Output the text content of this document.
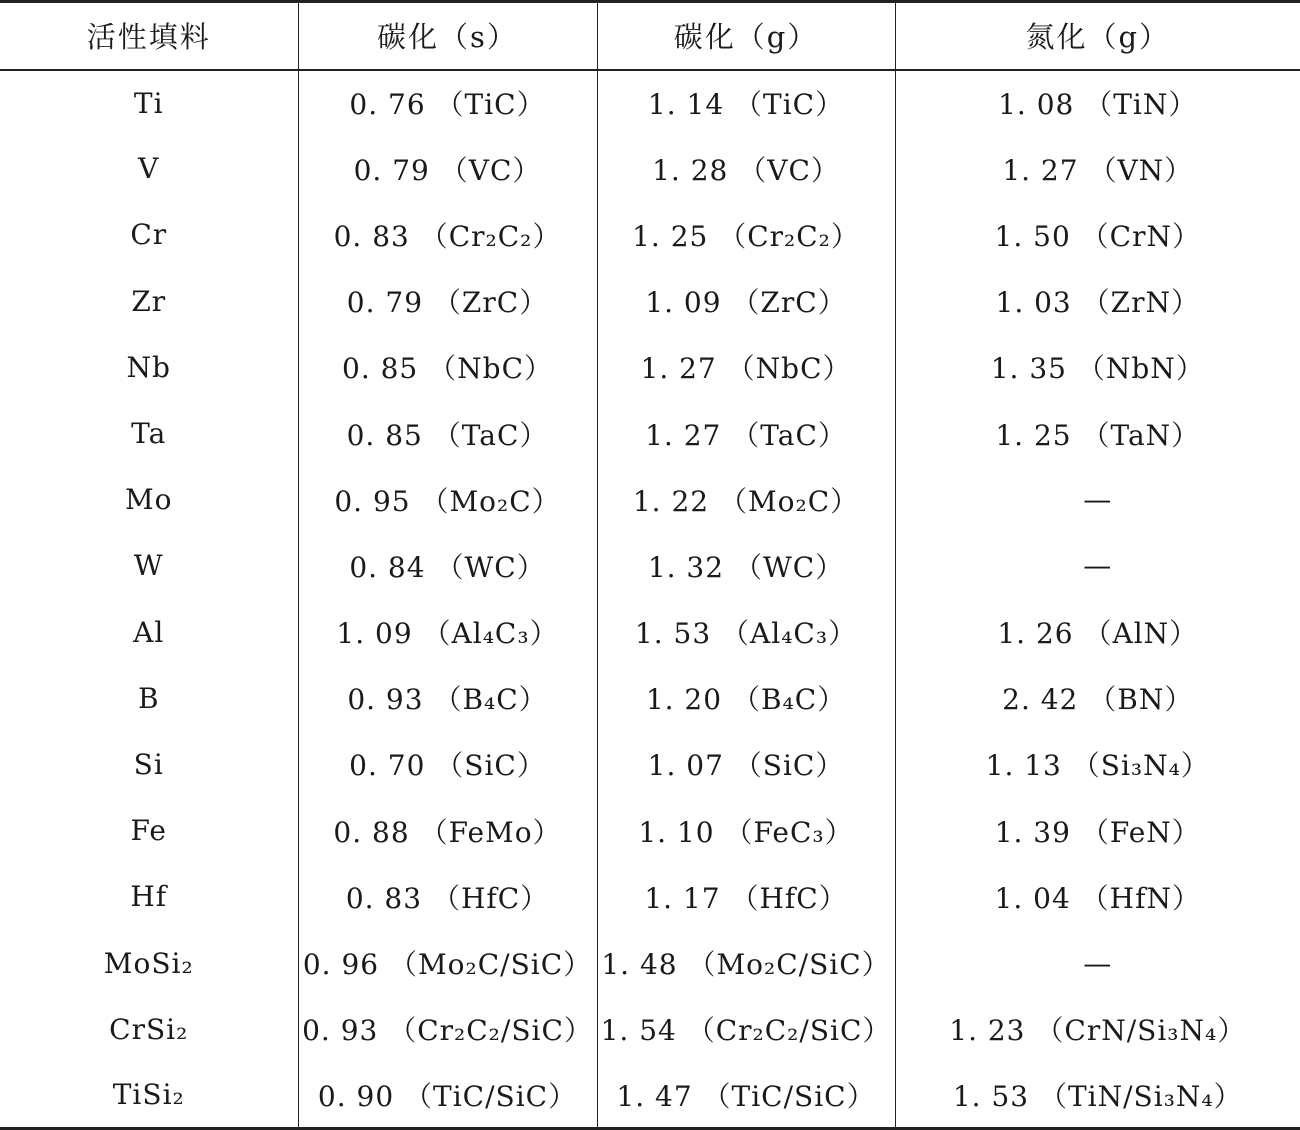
活性填料	碳化（s）	碳化（g）	氮化（g）
Ti	0. 76 （TiC）	1. 14 （TiC）	1. 08 （TiN）
V	0. 79 （VC）	1. 28 （VC）	1. 27 （VN）
Cr	0. 83 （Cr₂C₂）	1. 25 （Cr₂C₂）	1. 50 （CrN）
Zr	0. 79 （ZrC）	1. 09 （ZrC）	1. 03 （ZrN）
Nb	0. 85 （NbC）	1. 27 （NbC）	1. 35 （NbN）
Ta	0. 85 （TaC）	1. 27 （TaC）	1. 25 （TaN）
Mo	0. 95 （Mo₂C）	1. 22 （Mo₂C）	—
W	0. 84 （WC）	1. 32 （WC）	—
Al	1. 09 （Al₄C₃）	1. 53 （Al₄C₃）	1. 26 （AlN）
B	0. 93 （B₄C）	1. 20 （B₄C）	2. 42 （BN）
Si	0. 70 （SiC）	1. 07 （SiC）	1. 13 （Si₃N₄）
Fe	0. 88 （FeMo）	1. 10 （FeC₃）	1. 39 （FeN）
Hf	0. 83 （HfC）	1. 17 （HfC）	1. 04 （HfN）
MoSi₂	0. 96 （Mo₂C/SiC）	1. 48 （Mo₂C/SiC）	—
CrSi₂	0. 93 （Cr₂C₂/SiC）	1. 54 （Cr₂C₂/SiC）	1. 23 （CrN/Si₃N₄）
TiSi₂	0. 90 （TiC/SiC）	1. 47 （TiC/SiC）	1. 53 （TiN/Si₃N₄）
